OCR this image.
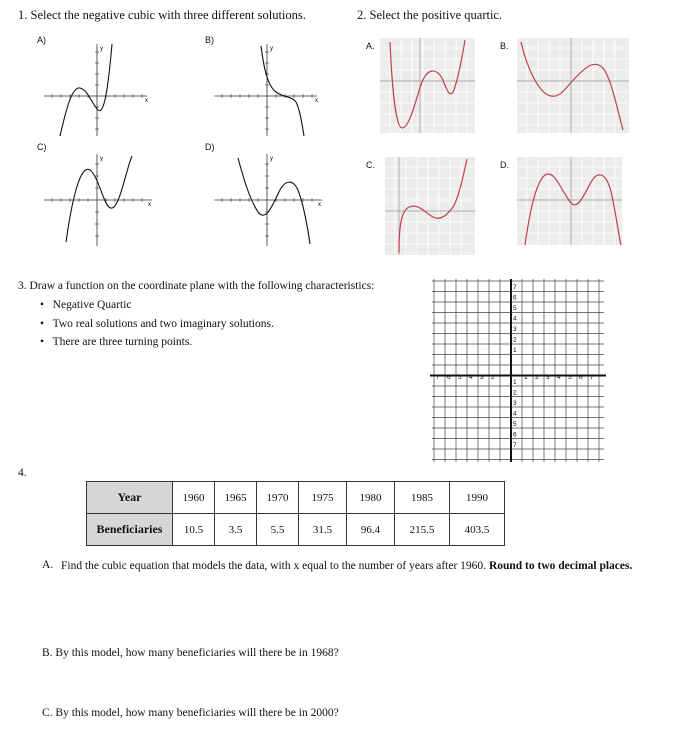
1. Select the negative cubic with three different solutions.
A)	B)
C)	D)
y
x
y
x
y
x
y
x
2. Select the positive quartic.
A.	B.
C.	D.
3. Draw a function on the coordinate plane with the following characteristics:
•   Negative Quartic
•   Two real solutions and two imaginary solutions.
•   There are three turning points.
7
6
5
4
3
2
1
1
2
3
4
5
6
7
7 6 5 4 3 2	1 2 3 4 5 6 7
4.
Year	1960	1965	1970	1975	1980	1985	1990
Beneficiaries	10.5	3.5	5.5	31.5	96.4	215.5	403.5
A. Find the cubic equation that models the data, with x equal to the number of years after 1960. Round to two decimal places.
B. By this model, how many beneficiaries will there be in 1968?
C. By this model, how many beneficiaries will there be in 2000?
